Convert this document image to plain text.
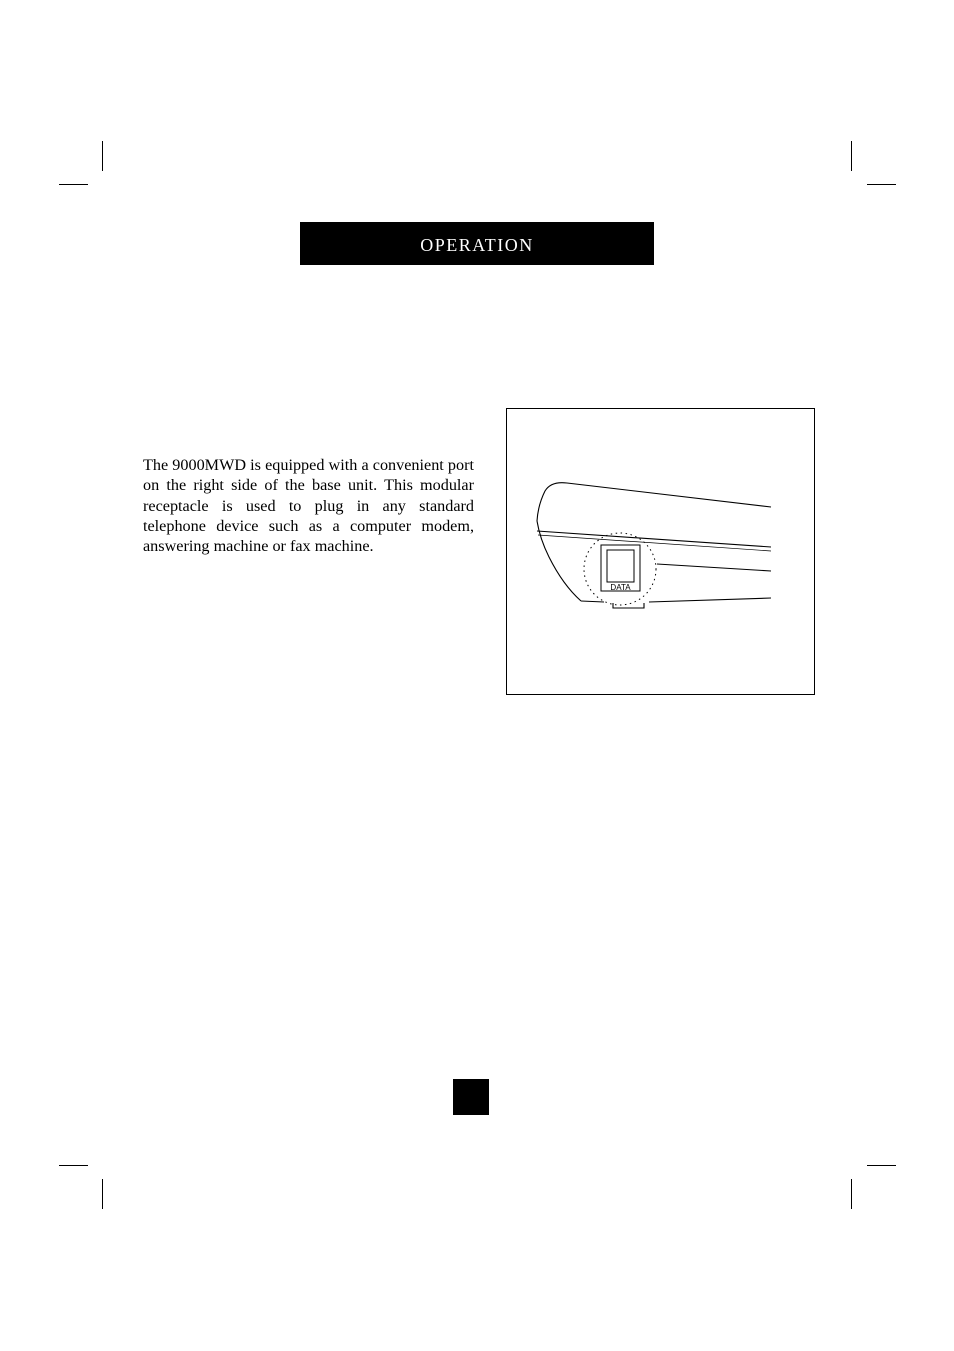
operation

The 9000MWD is equipped with a convenient port on the right side of the base unit. This modular receptacle is used to plug in any standard telephone device such as a computer modem, answering machine or fax machine.

DATA
